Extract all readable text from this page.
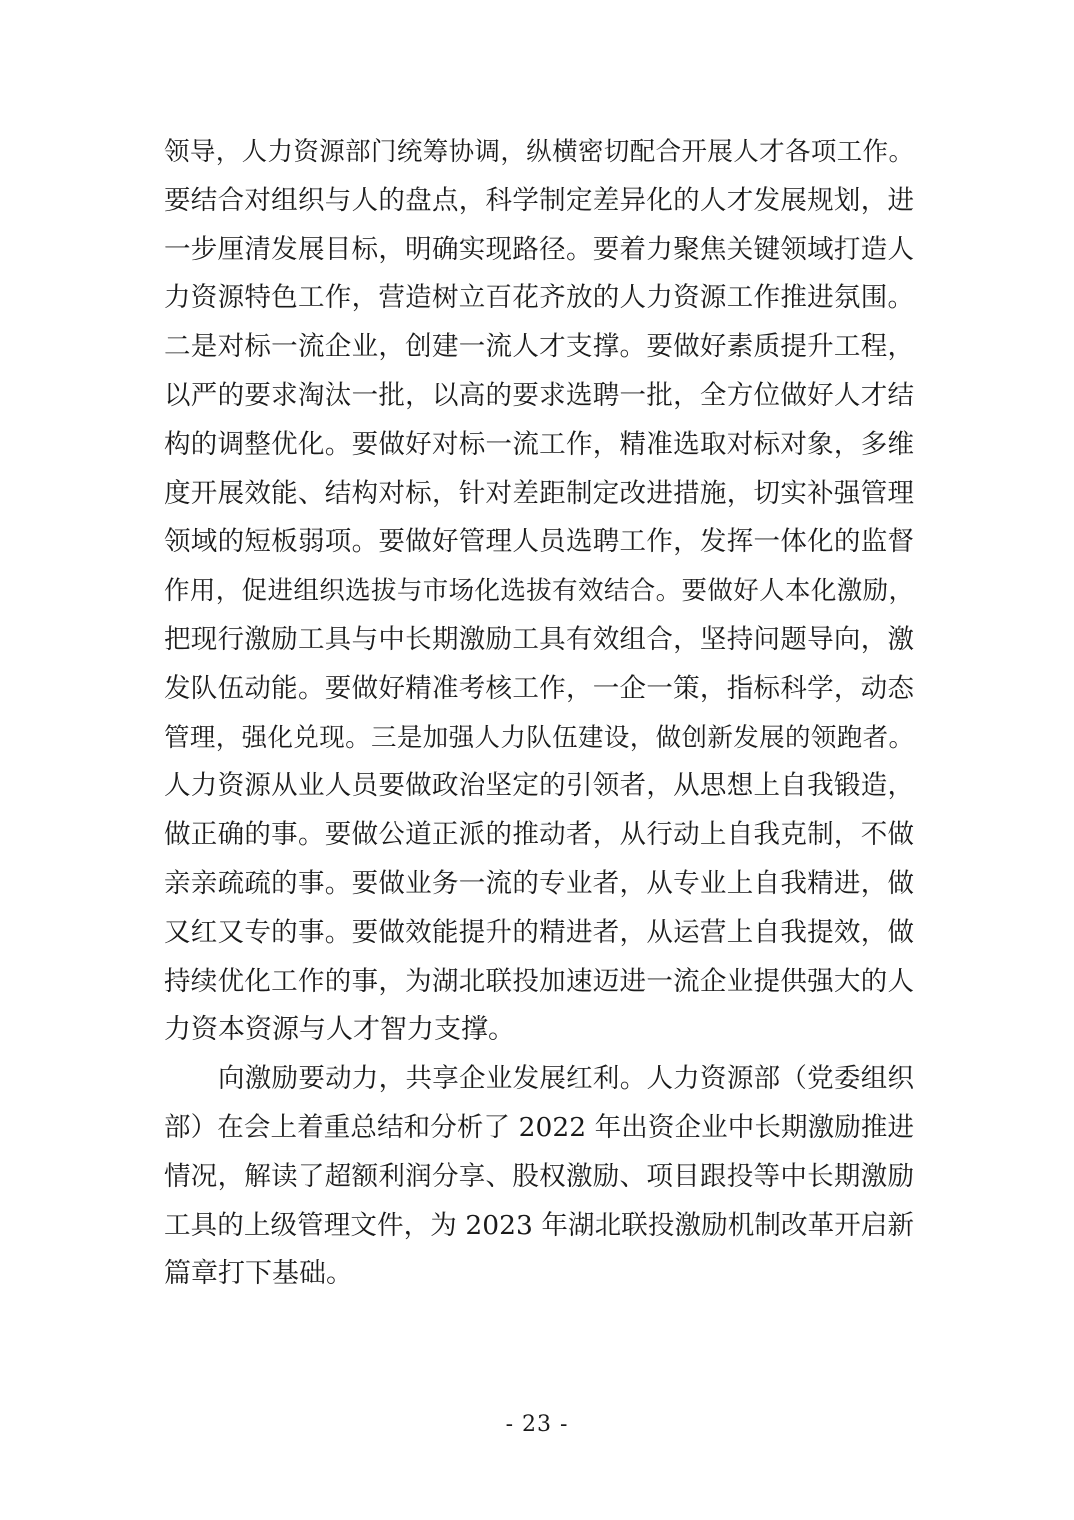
领导，人力资源部门统筹协调，纵横密切配合开展人才各项工作。
要结合对组织与人的盘点，科学制定差异化的人才发展规划，进
一步厘清发展目标，明确实现路径。要着力聚焦关键领域打造人
力资源特色工作，营造树立百花齐放的人力资源工作推进氛围。
二是对标一流企业，创建一流人才支撑。要做好素质提升工程，
以严的要求淘汰一批，以高的要求选聘一批，全方位做好人才结
构的调整优化。要做好对标一流工作，精准选取对标对象，多维
度开展效能、结构对标，针对差距制定改进措施，切实补强管理
领域的短板弱项。要做好管理人员选聘工作，发挥一体化的监督
作用，促进组织选拔与市场化选拔有效结合。要做好人本化激励，
把现行激励工具与中长期激励工具有效组合，坚持问题导向，激
发队伍动能。要做好精准考核工作，一企一策，指标科学，动态
管理，强化兑现。三是加强人力队伍建设，做创新发展的领跑者。
人力资源从业人员要做政治坚定的引领者，从思想上自我锻造，
做正确的事。要做公道正派的推动者，从行动上自我克制，不做
亲亲疏疏的事。要做业务一流的专业者，从专业上自我精进，做
又红又专的事。要做效能提升的精进者，从运营上自我提效，做
持续优化工作的事，为湖北联投加速迈进一流企业提供强大的人
力资本资源与人才智力支撑。
向激励要动力，共享企业发展红利。人力资源部（党委组织
部）在会上着重总结和分析了 2022 年出资企业中长期激励推进
情况，解读了超额利润分享、股权激励、项目跟投等中长期激励
工具的上级管理文件，为 2023 年湖北联投激励机制改革开启新
篇章打下基础。
- 23 -
